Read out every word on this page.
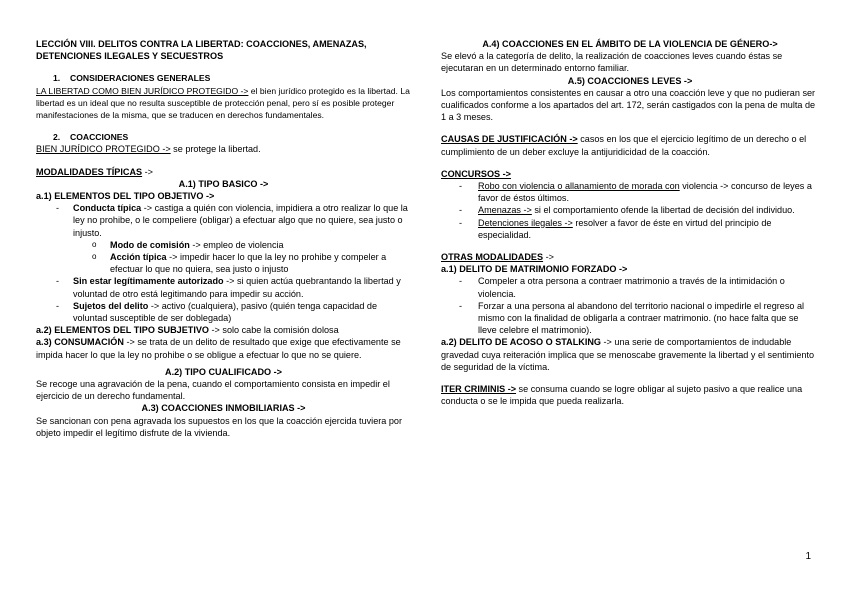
LECCIÓN VIII. DELITOS CONTRA LA LIBERTAD: COACCIONES, AMENAZAS,
DETENCIONES ILEGALES Y SECUESTROS

1. CONSIDERACIONES GENERALES

LA LIBERTAD COMO BIEN JURÍDICO PROTEGIDO -> el bien jurídico protegido es la libertad. La libertad es un ideal que no resulta susceptible de protección penal, pero sí es posible proteger manifestaciones de la misma, que se traducen en derechos fundamentales.

2. COACCIONES

BIEN JURÍDICO PROTEGIDO -> se protege la libertad.

MODALIDADES TÍPICAS ->

A.1) TIPO BASICO ->

a.1) ELEMENTOS DEL TIPO OBJETIVO ->

- Conducta típica -> castiga a quién con violencia, impidiera a otro realizar lo que la ley no prohibe, o le compeliere (obligar) a efectuar algo que no quiere, sea justo o injusto.
o Modo de comisión -> empleo de violencia
o Acción típica -> impedir hacer lo que la ley no prohibe y compeler a efectuar lo que no quiera, sea justo o injusto
- Sin estar legítimamente autorizado -> si quien actúa quebrantando la libertad y voluntad de otro está legitimando para impedir su acción.
- Sujetos del delito -> activo (cualquiera), pasivo (quién tenga capacidad de voluntad susceptible de ser doblegada)

a.2) ELEMENTOS DEL TIPO SUBJETIVO -> solo cabe la comisión dolosa

a.3) CONSUMACIÓN -> se trata de un delito de resultado que exige que efectivamente se impida hacer lo que la ley no prohibe o se obligue a efectuar lo que no se quiere.

A.2) TIPO CUALIFICADO ->

Se recoge una agravación de la pena, cuando el comportamiento consista en impedir el ejercicio de un derecho fundamental.

A.3) COACCIONES INMOBILIARIAS ->

Se sancionan con pena agravada los supuestos en los que la coacción ejercida tuviera por objeto impedir el legítimo disfrute de la vivienda.

A.4) COACCIONES EN EL ÁMBITO DE LA VIOLENCIA DE GÉNERO->

Se elevó a la categoría de delito, la realización de coacciones leves cuando éstas se ejecutaran en un determinado entorno familiar.

A.5) COACCIONES LEVES ->

Los comportamientos consistentes en causar a otro una coacción leve y que no pudieran ser cualificados conforme a los apartados del art. 172, serán castigados con la pena de multa de 1 a 3 meses.

CAUSAS DE JUSTIFICACIÓN -> casos en los que el ejercicio legítimo de un derecho o el cumplimiento de un deber excluye la antijuridicidad de la coacción.

CONCURSOS ->

- Robo con violencia o allanamiento de morada con violencia -> concurso de leyes a favor de éstos últimos.
- Amenazas -> si el comportamiento ofende la libertad de decisión del individuo.
- Detenciones ilegales -> resolver a favor de éste en virtud del principio de especialidad.

OTRAS MODALIDADES ->

a.1) DELITO DE MATRIMONIO FORZADO ->

- Compeler a otra persona a contraer matrimonio a través de la intimidación o violencia.
- Forzar a una persona al abandono del territorio nacional o impedirle el regreso al mismo con la finalidad de obligarla a contraer matrimonio. (no hace falta que se lleve celebre el matrimonio).

a.2) DELITO DE ACOSO O STALKING -> una serie de comportamientos de indudable gravedad cuya reiteración implica que se menoscabe gravemente la libertad y el sentimiento de seguridad de la víctima.

ITER CRIMINIS -> se consuma cuando se logre obligar al sujeto pasivo a que realice una conducta o se le impida que pueda realizarla.

1
